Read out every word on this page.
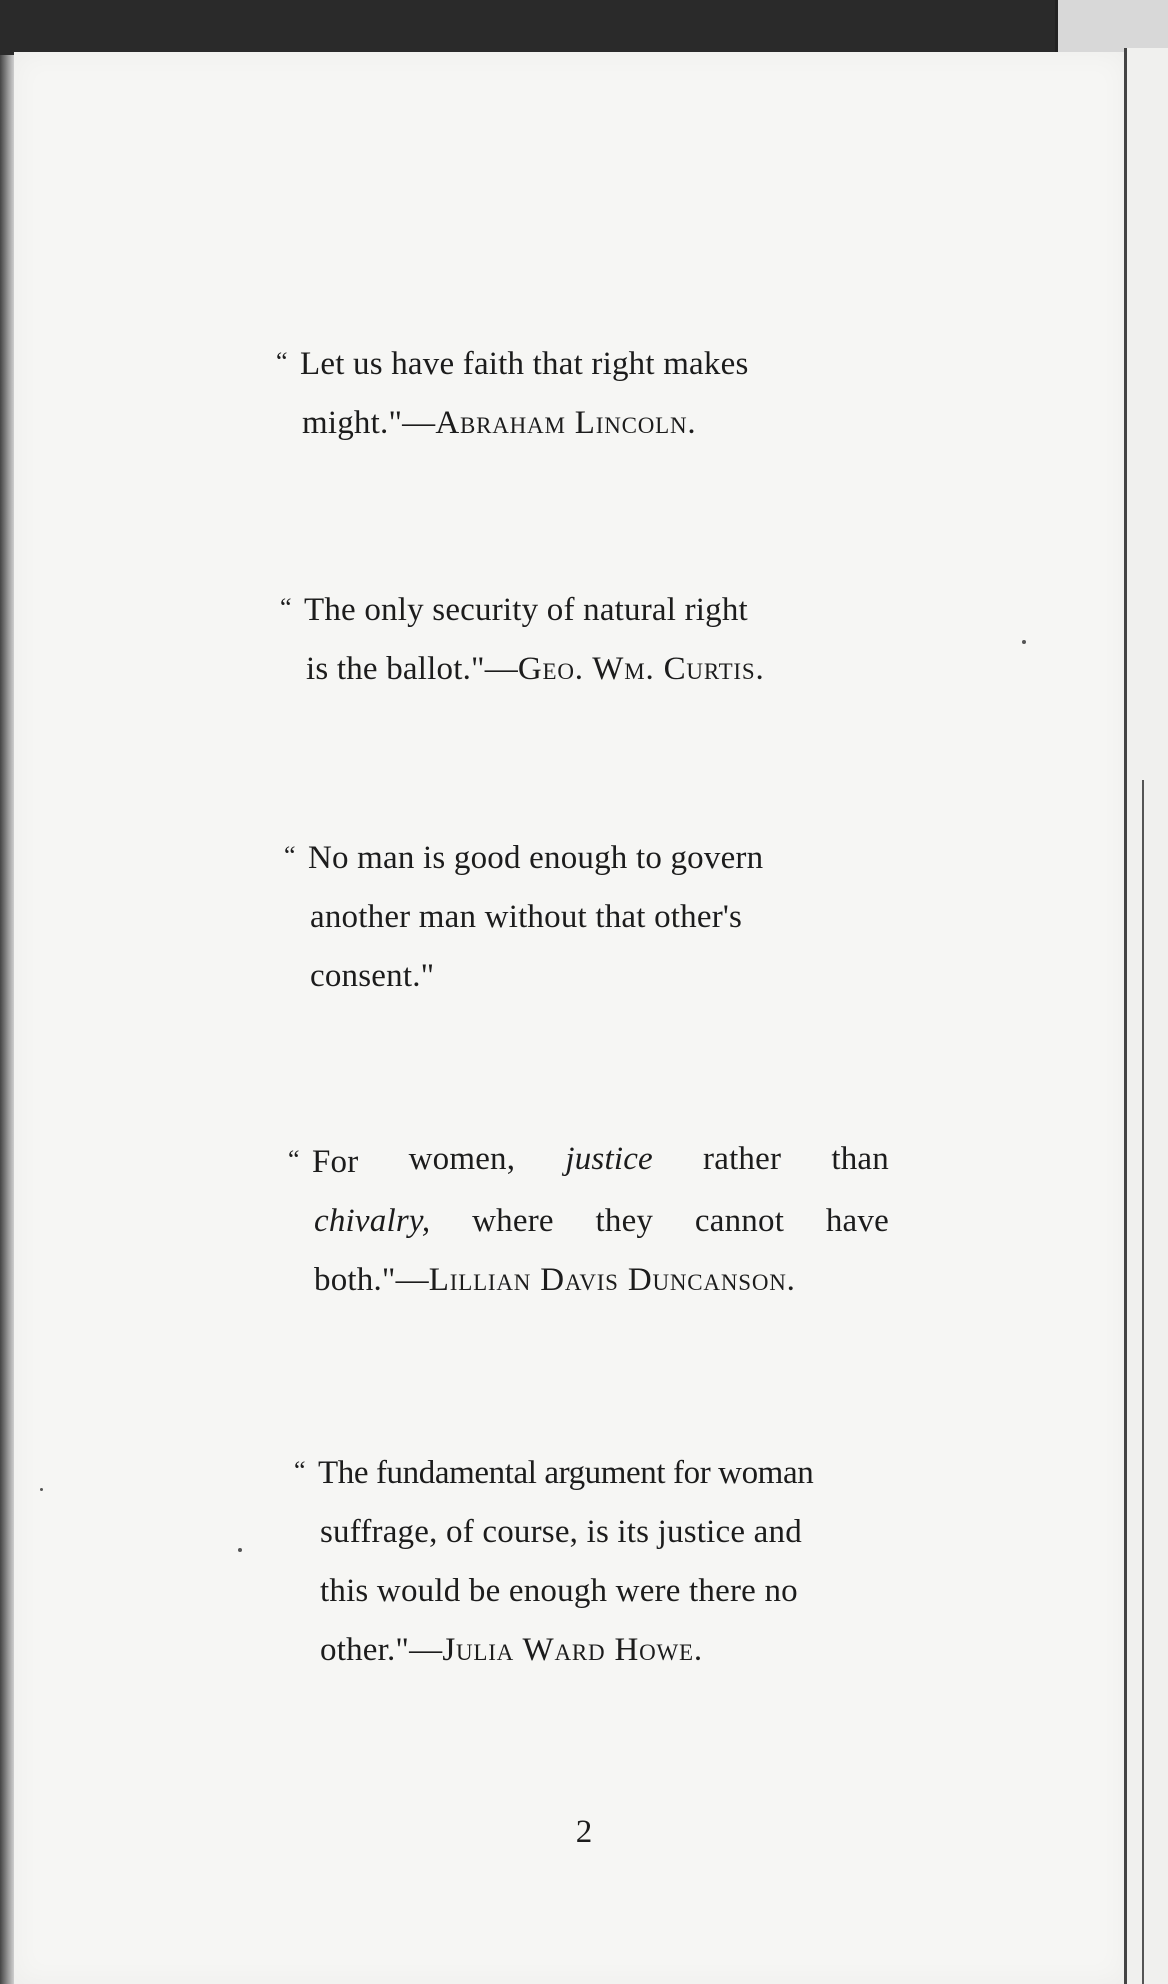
“ Let us have faith that right makes
might."—Abraham Lincoln.
“ The only security of natural right
is the ballot."—Geo. Wm. Curtis.
“ No man is good enough to govern
another man without that other's
consent."
“ For women, justice rather than
chivalry, where they cannot have
both."—Lillian Davis Duncanson.
“ The fundamental argument for woman
suffrage, of course, is its justice and
this would be enough were there no
other."—Julia Ward Howe.
2
